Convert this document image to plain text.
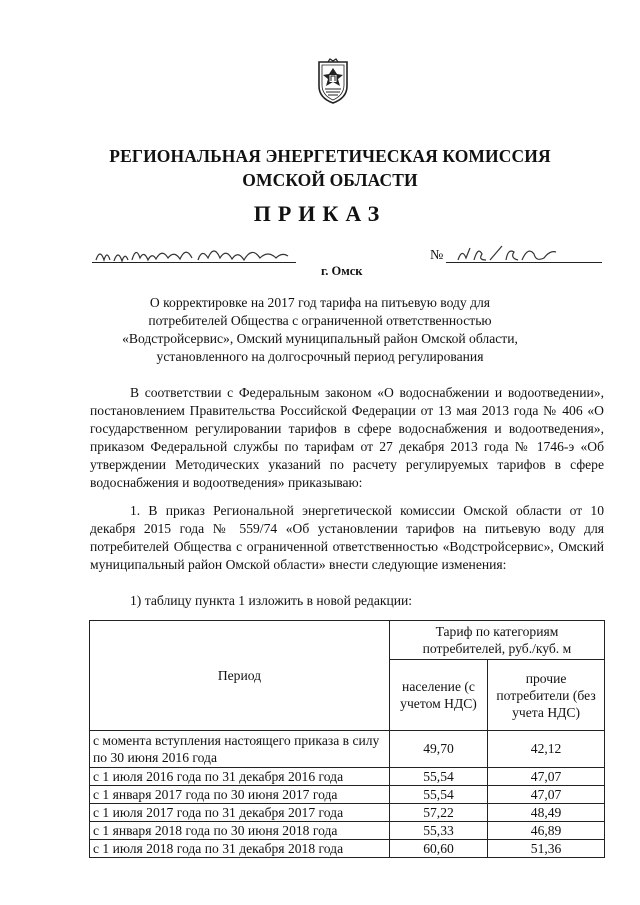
РЕГИОНАЛЬНАЯ ЭНЕРГЕТИЧЕСКАЯ КОМИССИЯ
ОМСКОЙ ОБЛАСТИ
ПРИКАЗ
№
г. Омск
О корректировке на 2017 год тарифа на питьевую воду для
потребителей Общества с ограниченной ответственностью
«Водстройсервис», Омский муниципальный район Омской области,
установленного на долгосрочный период регулирования
В соответствии с Федеральным законом «О водоснабжении и водоотведении», постановлением Правительства Российской Федерации от 13 мая 2013 года № 406 «О государственном регулировании тарифов в сфере водоснабжения и водоотведения», приказом Федеральной службы по тарифам от 27 декабря 2013 года № 1746-э «Об утверждении Методических указаний по расчету регулируемых тарифов в сфере водоснабжения и водоотведения» приказываю:
1. В приказ Региональной энергетической комиссии Омской области от 10 декабря 2015 года № 559/74 «Об установлении тарифов на питьевую воду для потребителей Общества с ограниченной ответственностью «Водстройсервис», Омский муниципальный район Омской области» внести следующие изменения:
1) таблицу пункта 1 изложить в новой редакции:
Период	Тариф по категориям потребителей, руб./куб. м	
	население (с учетом НДС)	прочие потребители (без учета НДС)
с момента вступления настоящего приказа в силу по 30 июня 2016 года	49,70	42,12
с 1 июля 2016 года по 31 декабря 2016 года	55,54	47,07
с 1 января 2017 года по 30 июня 2017 года	55,54	47,07
с 1 июля 2017 года по 31 декабря 2017 года	57,22	48,49
с 1 января 2018 года по 30 июня 2018 года	55,33	46,89
с 1 июля 2018 года по 31 декабря 2018 года	60,60	51,36
